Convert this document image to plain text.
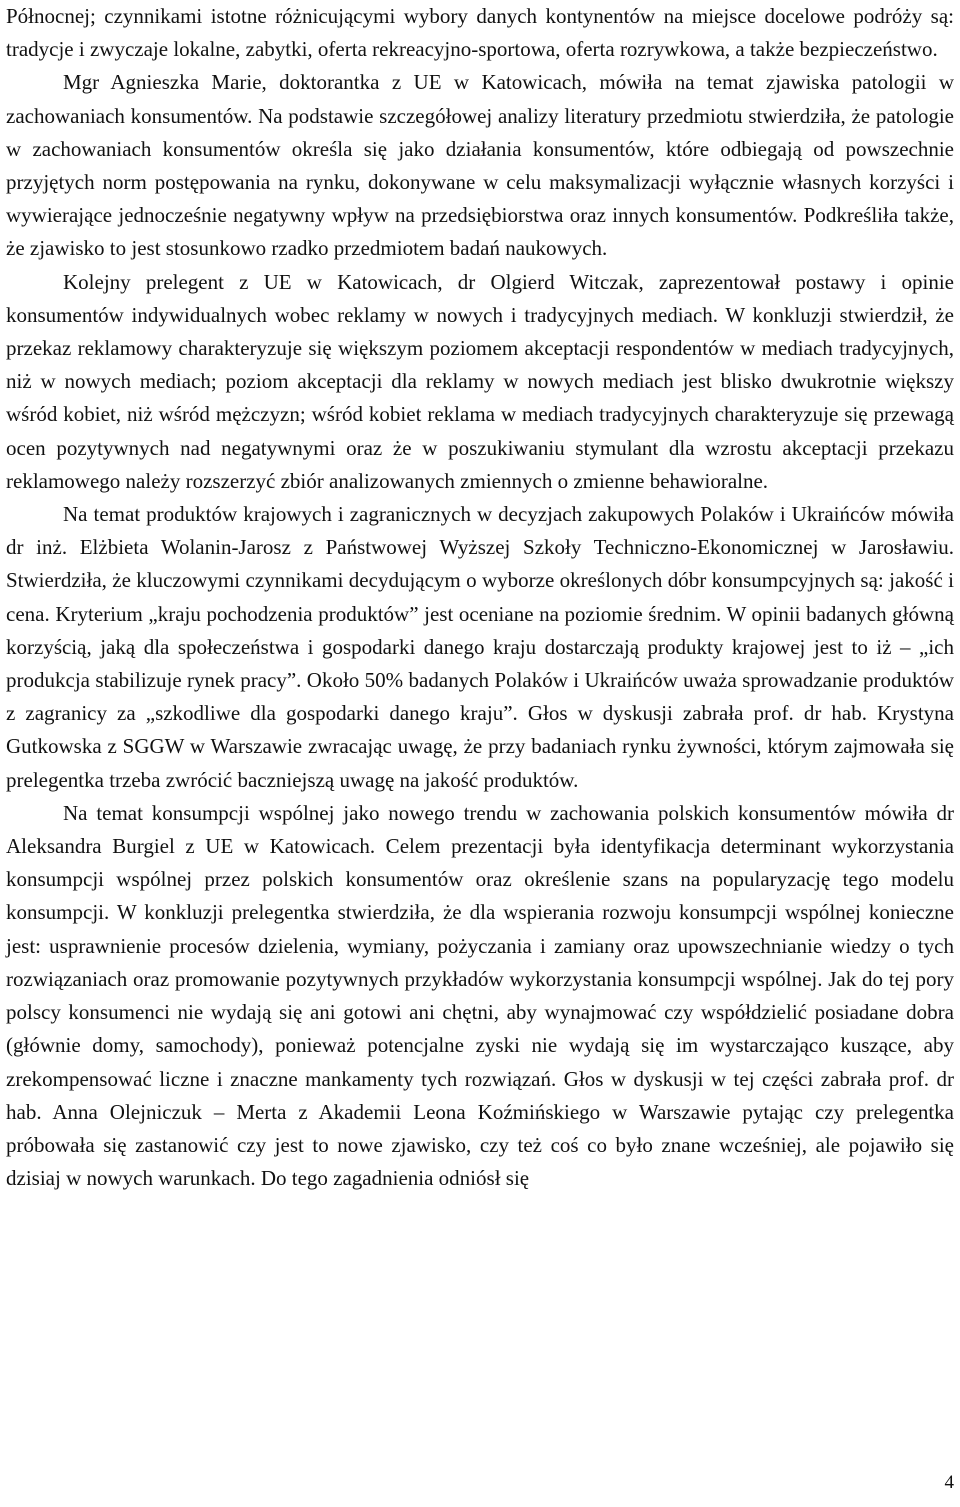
Północnej; czynnikami istotne różnicującymi wybory danych kontynentów na miejsce docelowe podróży są: tradycje i zwyczaje lokalne, zabytki, oferta rekreacyjno-sportowa, oferta rozrywkowa, a także bezpieczeństwo.

Mgr Agnieszka Marie, doktorantka z UE w Katowicach, mówiła na temat zjawiska patologii w zachowaniach konsumentów. Na podstawie szczegółowej analizy literatury przedmiotu stwierdziła, że patologie w zachowaniach konsumentów określa się jako działania konsumentów, które odbiegają od powszechnie przyjętych norm postępowania na rynku, dokonywane w celu maksymalizacji wyłącznie własnych korzyści i wywierające jednocześnie negatywny wpływ na przedsiębiorstwa oraz innych konsumentów. Podkreśliła także, że zjawisko to jest stosunkowo rzadko przedmiotem badań naukowych.

Kolejny prelegent z UE w Katowicach, dr Olgierd Witczak, zaprezentował postawy i opinie konsumentów indywidualnych wobec reklamy w nowych i tradycyjnych mediach. W konkluzji stwierdził, że przekaz reklamowy charakteryzuje się większym poziomem akceptacji respondentów w mediach tradycyjnych, niż w nowych mediach; poziom akceptacji dla reklamy w nowych mediach jest blisko dwukrotnie większy wśród kobiet, niż wśród mężczyzn; wśród kobiet reklama w mediach tradycyjnych charakteryzuje się przewagą ocen pozytywnych nad negatywnymi oraz że w poszukiwaniu stymulant dla wzrostu akceptacji przekazu reklamowego należy rozszerzyć zbiór analizowanych zmiennych o zmienne behawioralne.

Na temat produktów krajowych i zagranicznych w decyzjach zakupowych Polaków i Ukraińców mówiła dr inż. Elżbieta Wolanin-Jarosz z Państwowej Wyższej Szkoły Techniczno-Ekonomicznej w Jarosławiu. Stwierdziła, że kluczowymi czynnikami decydującym o wyborze określonych dóbr konsumpcyjnych są: jakość i cena. Kryterium „kraju pochodzenia produktów” jest oceniane na poziomie średnim. W opinii badanych główną korzyścią, jaką dla społeczeństwa i gospodarki danego kraju dostarczają produkty krajowej jest to iż – „ich produkcja stabilizuje rynek pracy”. Około 50% badanych Polaków i Ukraińców uważa sprowadzanie produktów z zagranicy za „szkodliwe dla gospodarki danego kraju”. Głos w dyskusji zabrała prof. dr hab. Krystyna Gutkowska z SGGW w Warszawie zwracając uwagę, że przy badaniach rynku żywności, którym zajmowała się prelegentka trzeba zwrócić baczniejszą uwagę na jakość produktów.

Na temat konsumpcji wspólnej jako nowego trendu w zachowania polskich konsumentów mówiła dr Aleksandra Burgiel z UE w Katowicach. Celem prezentacji była identyfikacja determinant wykorzystania konsumpcji wspólnej przez polskich konsumentów oraz określenie szans na popularyzację tego modelu konsumpcji. W konkluzji prelegentka stwierdziła, że dla wspierania rozwoju konsumpcji wspólnej konieczne jest: usprawnienie procesów dzielenia, wymiany, pożyczania i zamiany oraz upowszechnianie wiedzy o tych rozwiązaniach oraz promowanie pozytywnych przykładów wykorzystania konsumpcji wspólnej. Jak do tej pory polscy konsumenci nie wydają się ani gotowi ani chętni, aby wynajmować czy współdzielić posiadane dobra (głównie domy, samochody), ponieważ potencjalne zyski nie wydają się im wystarczająco kuszące, aby zrekompensować liczne i znaczne mankamenty tych rozwiązań. Głos w dyskusji w tej części zabrała prof. dr hab. Anna Olejniczuk – Merta z Akademii Leona Koźmińskiego w Warszawie pytając czy prelegentka próbowała się zastanowić czy jest to nowe zjawisko, czy też coś co było znane wcześniej, ale pojawiło się dzisiaj w nowych warunkach. Do tego zagadnienia odniósł się

4
